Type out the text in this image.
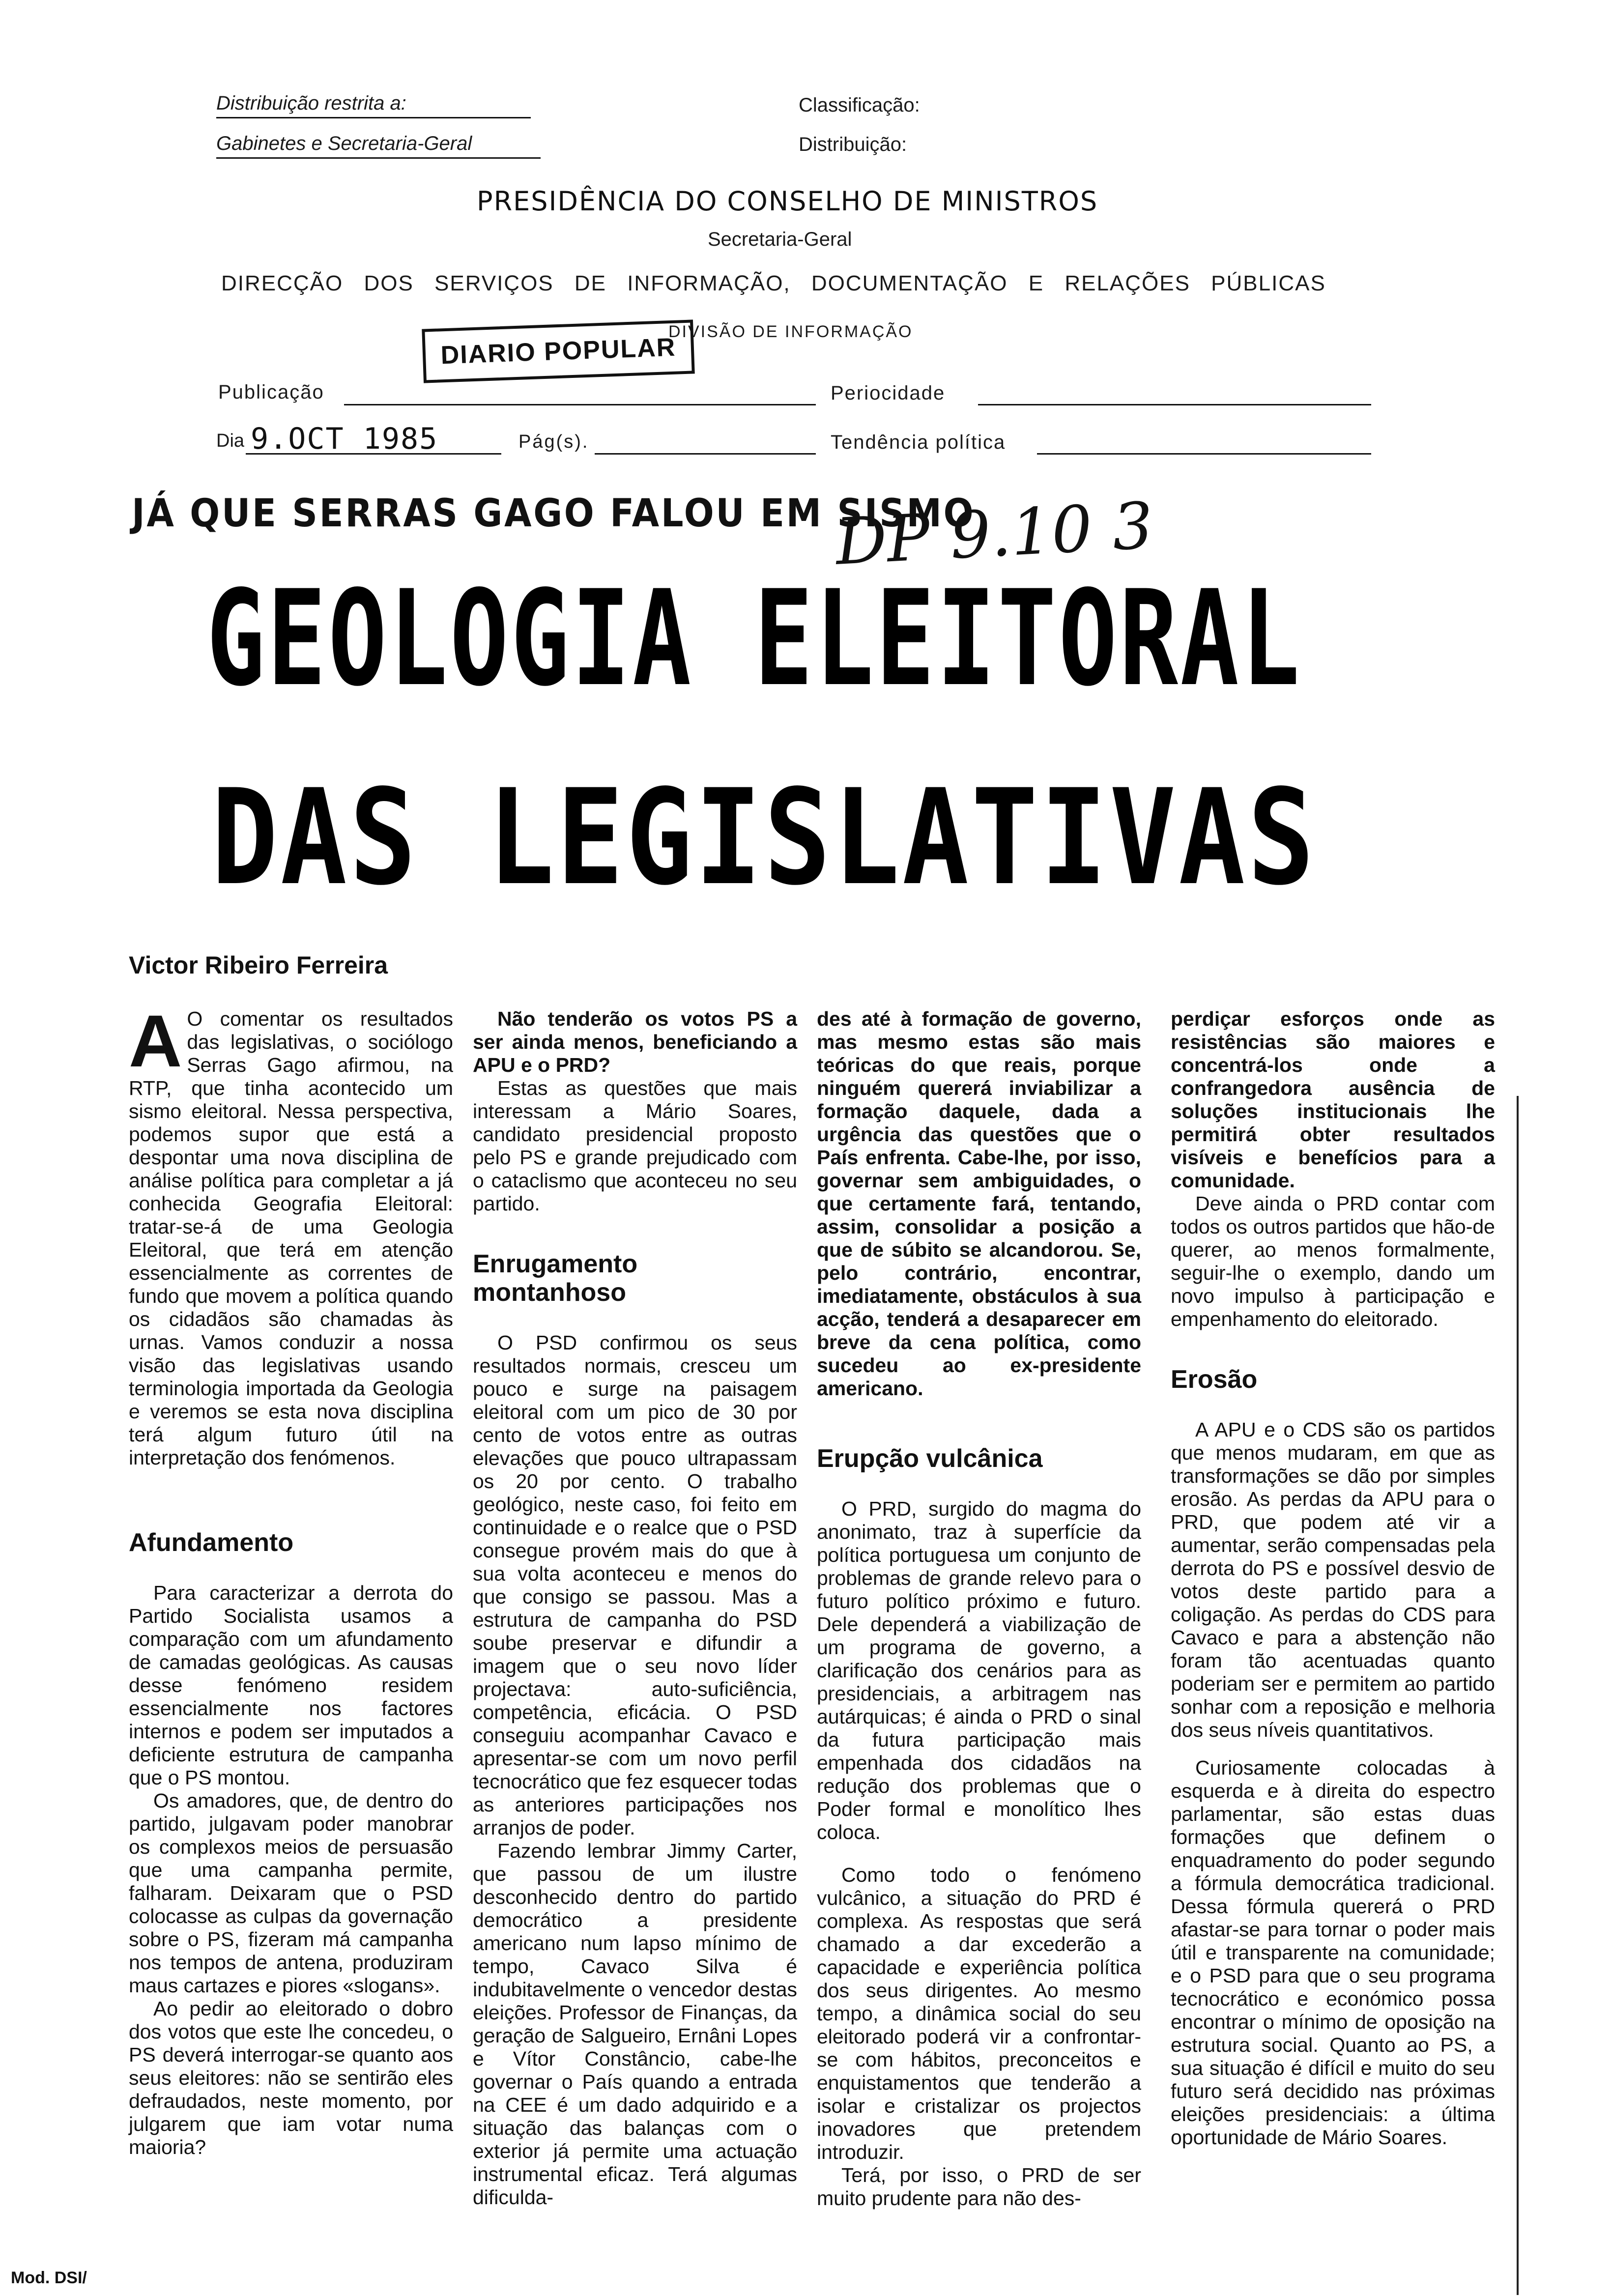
Distribuição restrita a:
Gabinetes e Secretaria-Geral
Classificação:
Distribuição:
PRESIDÊNCIA DO CONSELHO DE MINISTROS
Secretaria-Geral
DIRECÇÃO DOS SERVIÇOS DE INFORMAÇÃO, DOCUMENTAÇÃO E RELAÇÕES PÚBLICAS
DIVISÃO DE INFORMAÇÃO
DIARIO POPULAR
Publicação	Periocidade
Dia 9.OCT 1985	Pág(s).	Tendência política
JÁ QUE SERRAS GAGO FALOU EM SISMO
DP 9.10 3
GEOLOGIA ELEITORAL
DAS LEGISLATIVAS
Victor Ribeiro Ferreira

A O comentar os resultados das legislativas, o sociólogo Serras Gago afirmou, na RTP, que tinha acontecido um sismo eleitoral. Nessa perspectiva, podemos supor que está a despontar uma nova disciplina de análise política para completar a já conhecida Geografia Eleitoral: tratar-se-á de uma Geologia Eleitoral, que terá em atenção essencialmente as correntes de fundo que movem a política quando os cidadãos são chamadas às urnas. Vamos conduzir a nossa visão das legislativas usando terminologia importada da Geologia e veremos se esta nova disciplina terá algum futuro útil na interpretação dos fenómenos.

Afundamento

Para caracterizar a derrota do Partido Socialista usamos a comparação com um afundamento de camadas geológicas. As causas desse fenómeno residem essencialmente nos factores internos e podem ser imputados a deficiente estrutura de campanha que o PS montou.

Os amadores, que, de dentro do partido, julgavam poder manobrar os complexos meios de persuasão que uma campanha permite, falharam. Deixaram que o PSD colocasse as culpas da governação sobre o PS, fizeram má campanha nos tempos de antena, produziram maus cartazes e piores «slogans».

Ao pedir ao eleitorado o dobro dos votos que este lhe concedeu, o PS deverá interrogar-se quanto aos seus eleitores: não se sentirão eles defraudados, neste momento, por julgarem que iam votar numa maioria?

Não tenderão os votos PS a ser ainda menos, beneficiando a APU e o PRD?

Estas as questões que mais interessam a Mário Soares, candidato presidencial proposto pelo PS e grande prejudicado com o cataclismo que aconteceu no seu partido.

Enrugamento montanhoso

O PSD confirmou os seus resultados normais, cresceu um pouco e surge na paisagem eleitoral com um pico de 30 por cento de votos entre as outras elevações que pouco ultrapassam os 20 por cento. O trabalho geológico, neste caso, foi feito em continuidade e o realce que o PSD consegue provém mais do que à sua volta aconteceu e menos do que consigo se passou. Mas a estrutura de campanha do PSD soube preservar e difundir a imagem que o seu novo líder projectava: auto-suficiência, competência, eficácia. O PSD conseguiu acompanhar Cavaco e apresentar-se com um novo perfil tecnocrático que fez esquecer todas as anteriores participações nos arranjos de poder.

Fazendo lembrar Jimmy Carter, que passou de um ilustre desconhecido dentro do partido democrático a presidente americano num lapso mínimo de tempo, Cavaco Silva é indubitavelmente o vencedor destas eleições. Professor de Finanças, da geração de Salgueiro, Ernâni Lopes e Vítor Constâncio, cabe-lhe governar o País quando a entrada na CEE é um dado adquirido e a situação das balanças com o exterior já permite uma actuação instrumental eficaz. Terá algumas dificulda-

des até à formação de governo, mas mesmo estas são mais teóricas do que reais, porque ninguém quererá inviabilizar a formação daquele, dada a urgência das questões que o País enfrenta. Cabe-lhe, por isso, governar sem ambiguidades, o que certamente fará, tentando, assim, consolidar a posição a que de súbito se alcandorou. Se, pelo contrário, encontrar, imediatamente, obstáculos à sua acção, tenderá a desaparecer em breve da cena política, como sucedeu ao ex-presidente americano.

Erupção vulcânica

O PRD, surgido do magma do anonimato, traz à superfície da política portuguesa um conjunto de problemas de grande relevo para o futuro político próximo e futuro. Dele dependerá a viabilização de um programa de governo, a clarificação dos cenários para as presidenciais, a arbitragem nas autárquicas; é ainda o PRD o sinal da futura participação mais empenhada dos cidadãos na redução dos problemas que o Poder formal e monolítico lhes coloca.

Como todo o fenómeno vulcânico, a situação do PRD é complexa. As respostas que será chamado a dar excederão a capacidade e experiência política dos seus dirigentes. Ao mesmo tempo, a dinâmica social do seu eleitorado poderá vir a confrontar-se com hábitos, preconceitos e enquistamentos que tenderão a isolar e cristalizar os projectos inovadores que pretendem introduzir.

Terá, por isso, o PRD de ser muito prudente para não des-

perdiçar esforços onde as resistências são maiores e concentrá-los onde a confrangedora ausência de soluções institucionais lhe permitirá obter resultados visíveis e benefícios para a comunidade.

Deve ainda o PRD contar com todos os outros partidos que hão-de querer, ao menos formalmente, seguir-lhe o exemplo, dando um novo impulso à participação e empenhamento do eleitorado.

Erosão

A APU e o CDS são os partidos que menos mudaram, em que as transformações se dão por simples erosão. As perdas da APU para o PRD, que podem até vir a aumentar, serão compensadas pela derrota do PS e possível desvio de votos deste partido para a coligação. As perdas do CDS para Cavaco e para a abstenção não foram tão acentuadas quanto poderiam ser e permitem ao partido sonhar com a reposição e melhoria dos seus níveis quantitativos.

Curiosamente colocadas à esquerda e à direita do espectro parlamentar, são estas duas formações que definem o enquadramento do poder segundo a fórmula democrática tradicional. Dessa fórmula quererá o PRD afastar-se para tornar o poder mais útil e transparente na comunidade; e o PSD para que o seu programa tecnocrático e económico possa encontrar o mínimo de oposição na estrutura social. Quanto ao PS, a sua situação é difícil e muito do seu futuro será decidido nas próximas eleições presidenciais: a última oportunidade de Mário Soares.

Mod. DSI/
